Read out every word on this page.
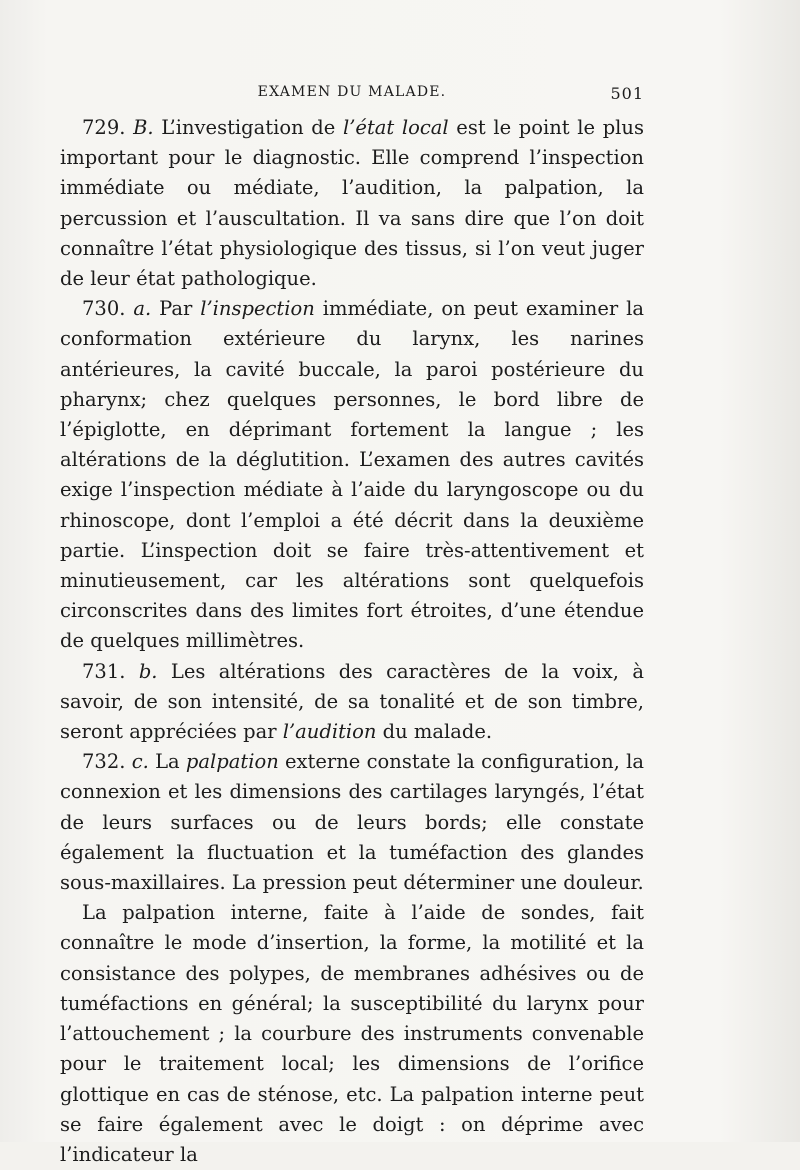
EXAMEN DU MALADE.	501

729. B. L’investigation de l’état local est le point le plus important pour le diagnostic. Elle comprend l’inspection immédiate ou médiate, l’audition, la palpation, la percussion et l’auscultation. Il va sans dire que l’on doit connaître l’état physiologique des tissus, si l’on veut juger de leur état pathologique.

730. a. Par l’inspection immédiate, on peut examiner la conformation extérieure du larynx, les narines antérieures, la cavité buccale, la paroi postérieure du pharynx; chez quelques personnes, le bord libre de l’épiglotte, en déprimant fortement la langue ; les altérations de la déglutition. L’examen des autres cavités exige l’inspection médiate à l’aide du laryngoscope ou du rhinoscope, dont l’emploi a été décrit dans la deuxième partie. L’inspection doit se faire très-attentivement et minutieusement, car les altérations sont quelquefois circonscrites dans des limites fort étroites, d’une étendue de quelques millimètres.

731. b. Les altérations des caractères de la voix, à savoir, de son intensité, de sa tonalité et de son timbre, seront appréciées par l’audition du malade.

732. c. La palpation externe constate la configuration, la connexion et les dimensions des cartilages laryngés, l’état de leurs surfaces ou de leurs bords; elle constate également la fluctuation et la tuméfaction des glandes sous-maxillaires. La pression peut déterminer une douleur.

La palpation interne, faite à l’aide de sondes, fait connaître le mode d’insertion, la forme, la motilité et la consistance des polypes, de membranes adhésives ou de tuméfactions en général; la susceptibilité du larynx pour l’attouchement ; la courbure des instruments convenable pour le traitement local; les dimensions de l’orifice glottique en cas de sténose, etc. La palpation interne peut se faire également avec le doigt : on déprime avec l’indicateur la
